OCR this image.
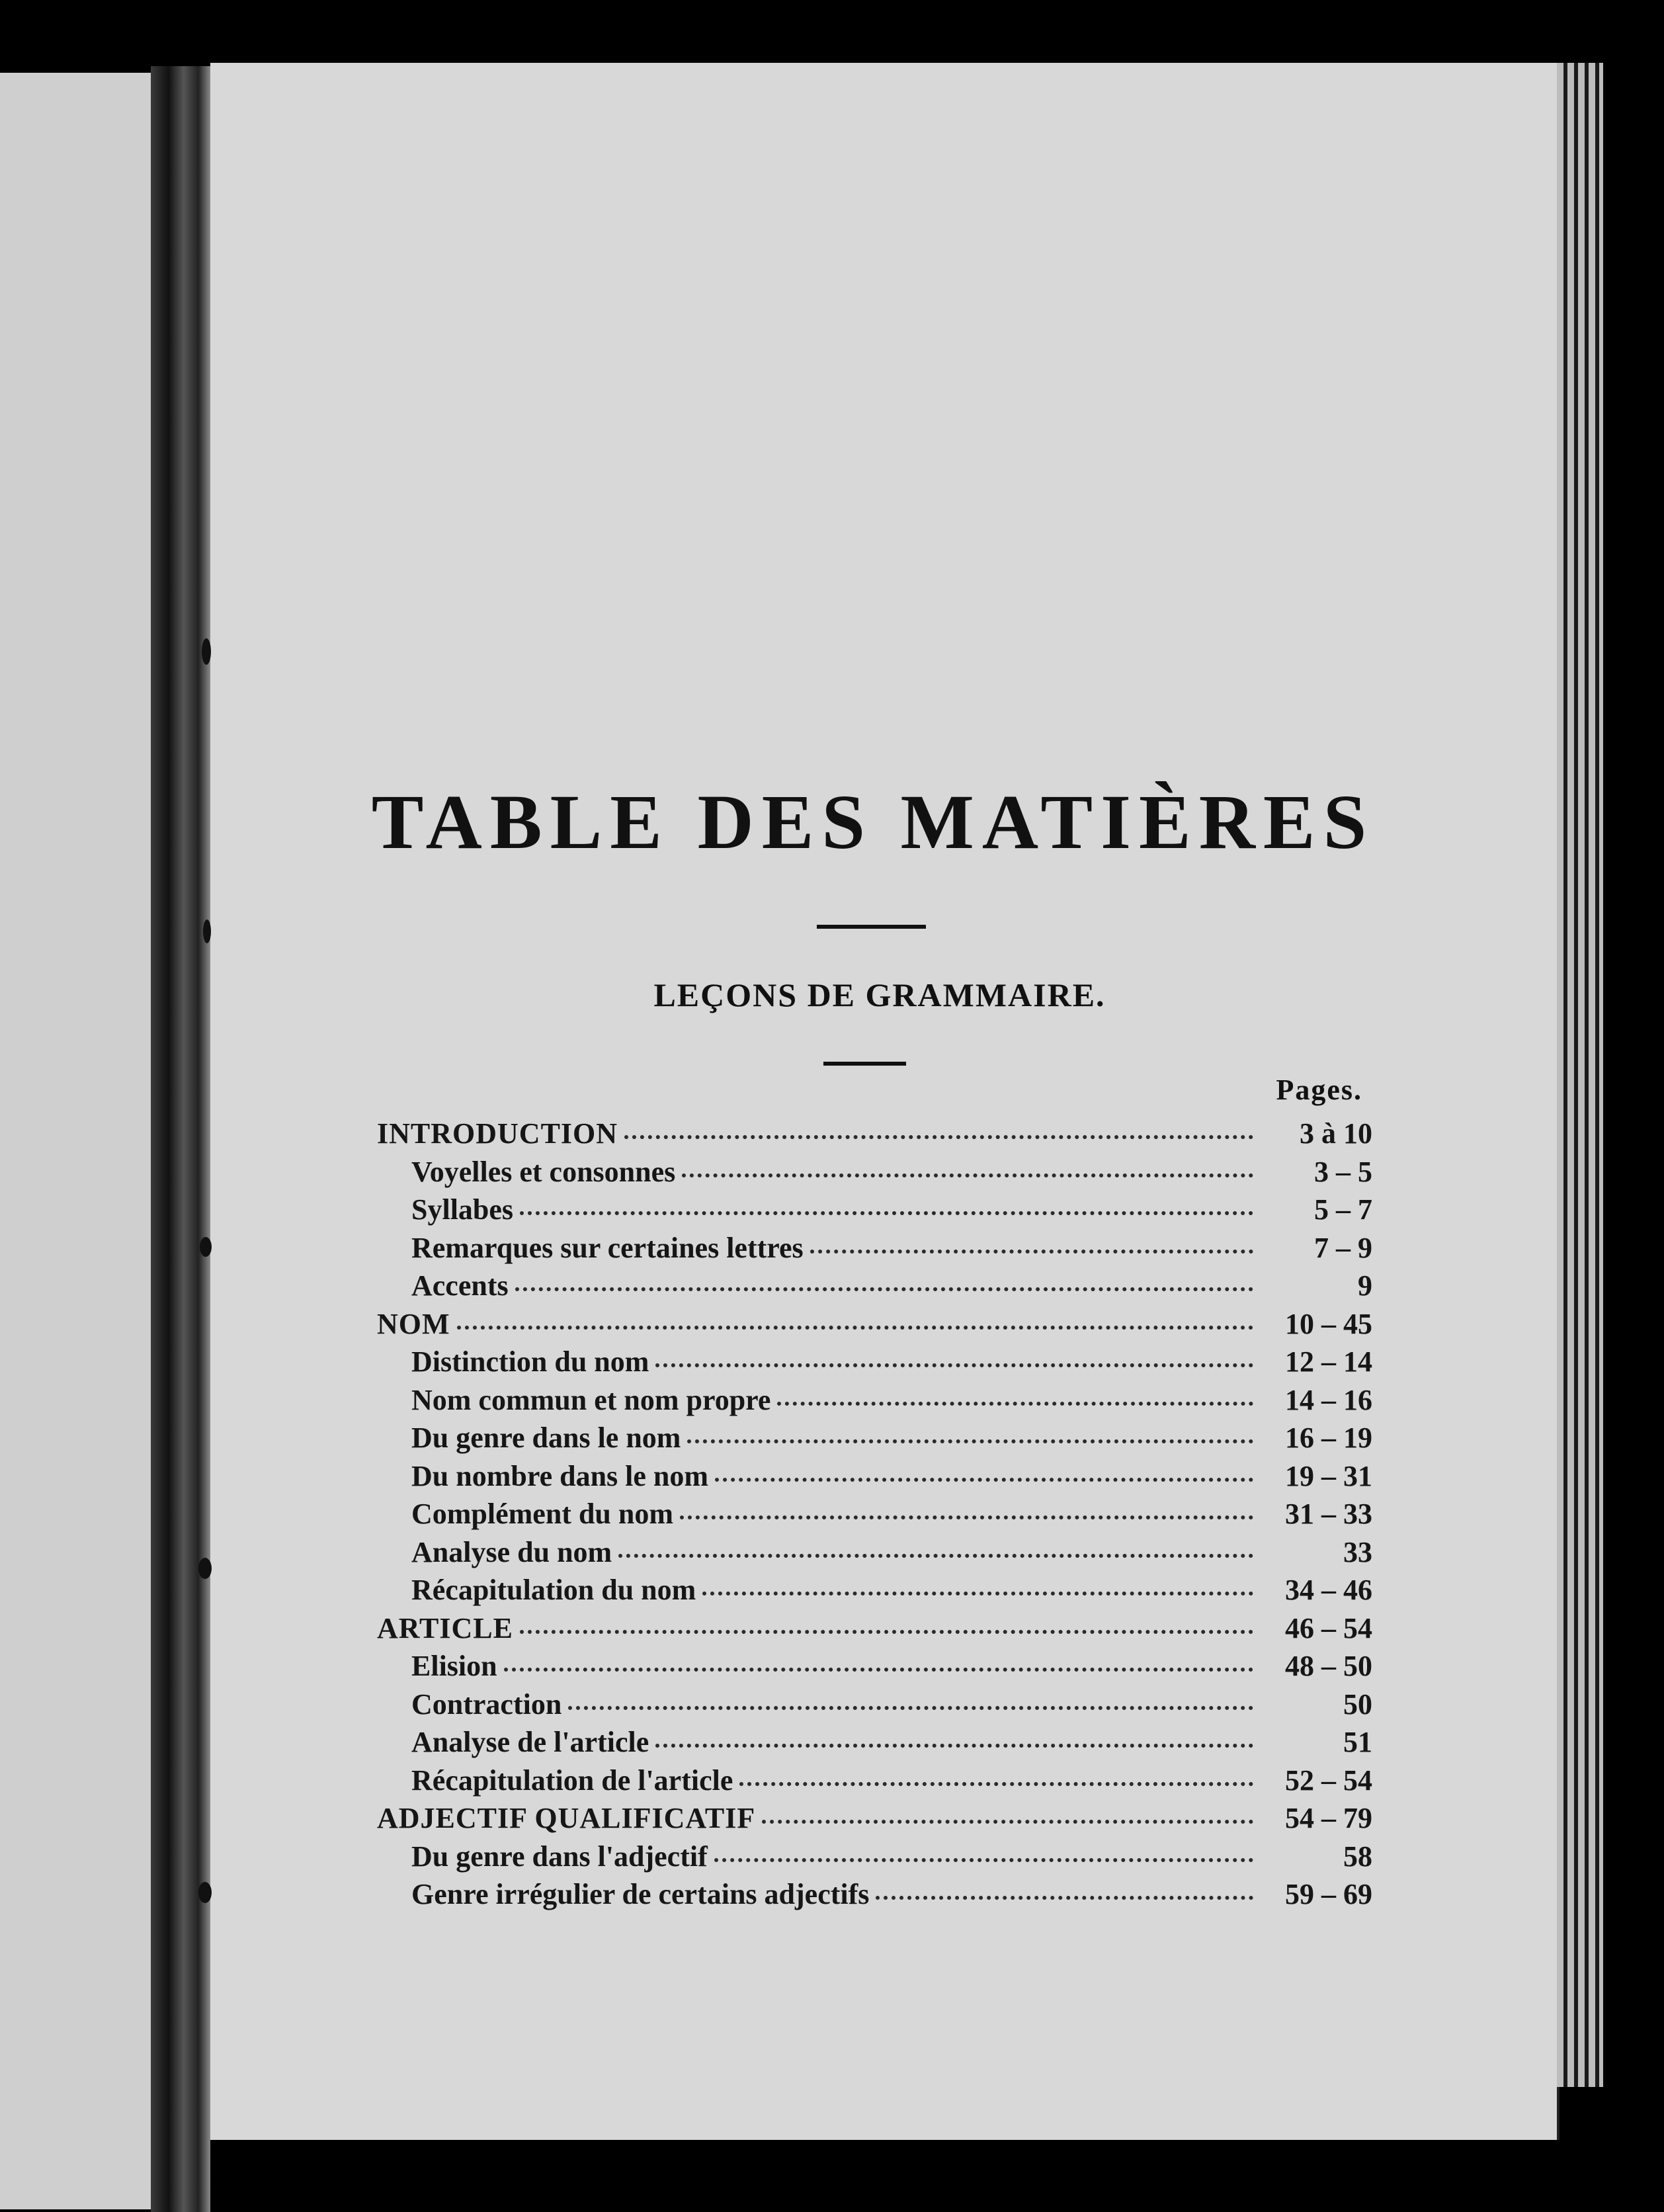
TABLE DES MATIÈRES
LEÇONS DE GRAMMAIRE.
Pages.
INTRODUCTION	3 à 10
Voyelles et consonnes	3 – 5
Syllabes	5 – 7
Remarques sur certaines lettres	7 – 9
Accents	9
NOM	10 – 45
Distinction du nom	12 – 14
Nom commun et nom propre	14 – 16
Du genre dans le nom	16 – 19
Du nombre dans le nom	19 – 31
Complément du nom	31 – 33
Analyse du nom	33
Récapitulation du nom	34 – 46
ARTICLE	46 – 54
Elision	48 – 50
Contraction	50
Analyse de l'article	51
Récapitulation de l'article	52 – 54
ADJECTIF QUALIFICATIF	54 – 79
Du genre dans l'adjectif	58
Genre irrégulier de certains adjectifs	59 – 69
